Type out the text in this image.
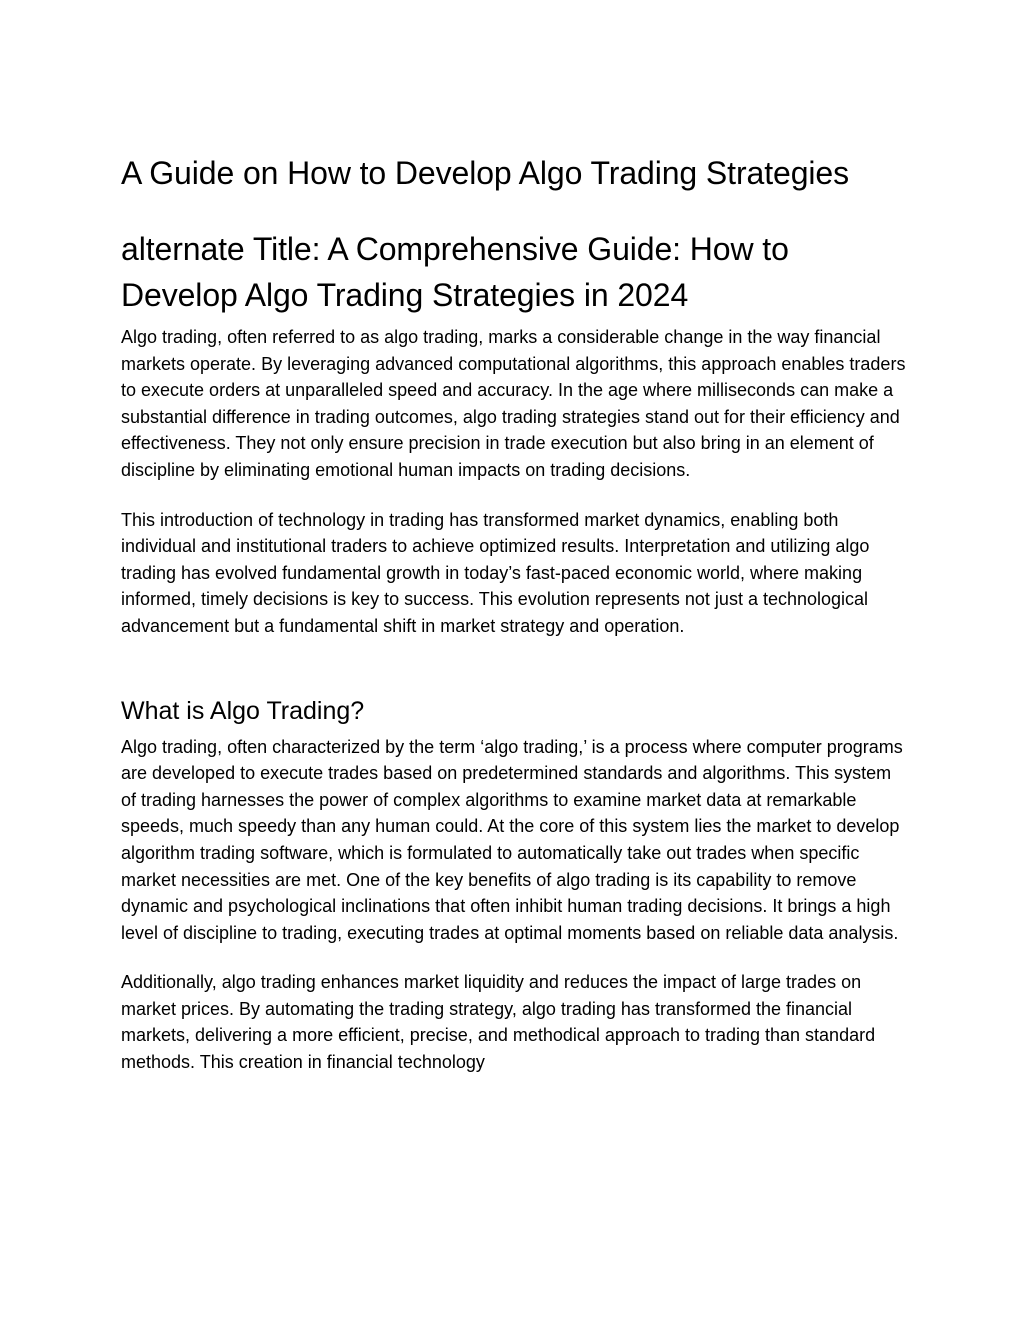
A Guide on How to Develop Algo Trading Strategies
alternate Title: A Comprehensive Guide: How to Develop Algo Trading Strategies in 2024

Algo trading, often referred to as algo trading, marks a considerable change in the way financial markets operate. By leveraging advanced computational algorithms, this approach enables traders to execute orders at unparalleled speed and accuracy. In the age where milliseconds can make a substantial difference in trading outcomes, algo trading strategies stand out for their efficiency and effectiveness. They not only ensure precision in trade execution but also bring in an element of discipline by eliminating emotional human impacts on trading decisions.

This introduction of technology in trading has transformed market dynamics, enabling both individual and institutional traders to achieve optimized results. Interpretation and utilizing algo trading has evolved fundamental growth in today’s fast-paced economic world, where making informed, timely decisions is key to success. This evolution represents not just a technological advancement but a fundamental shift in market strategy and operation.

What is Algo Trading?

Algo trading, often characterized by the term ‘algo trading,’ is a process where computer programs are developed to execute trades based on predetermined standards and algorithms. This system of trading harnesses the power of complex algorithms to examine market data at remarkable speeds, much speedy than any human could. At the core of this system lies the market to develop algorithm trading software, which is formulated to automatically take out trades when specific market necessities are met. One of the key benefits of algo trading is its capability to remove dynamic and psychological inclinations that often inhibit human trading decisions. It brings a high level of discipline to trading, executing trades at optimal moments based on reliable data analysis.

Additionally, algo trading enhances market liquidity and reduces the impact of large trades on market prices. By automating the trading strategy, algo trading has transformed the financial markets, delivering a more efficient, precise, and methodical approach to trading than standard methods. This creation in financial technology
